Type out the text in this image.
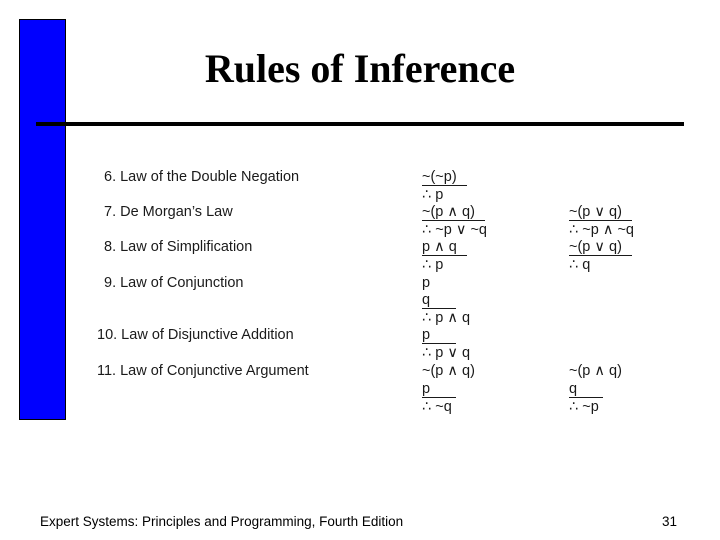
Rules of Inference
6. Law of the Double Negation
7. De Morgan’s Law
8. Law of Simplification
9. Law of Conjunction
10. Law of Disjunctive Addition
11. Law of Conjunctive Argument
~(~p)
∴ p
~(p ∧ q)
∴ ~p ∨ ~q
p ∧ q
∴ p
p
q
∴ p ∧ q
p
∴ p ∨ q
~(p ∧ q)
p
∴ ~q
~(p ∨ q)
∴ ~p ∧ ~q
~(p ∨ q)
∴ q
~(p ∧ q)
q
∴ ~p
Expert Systems: Principles and Programming, Fourth Edition	31
